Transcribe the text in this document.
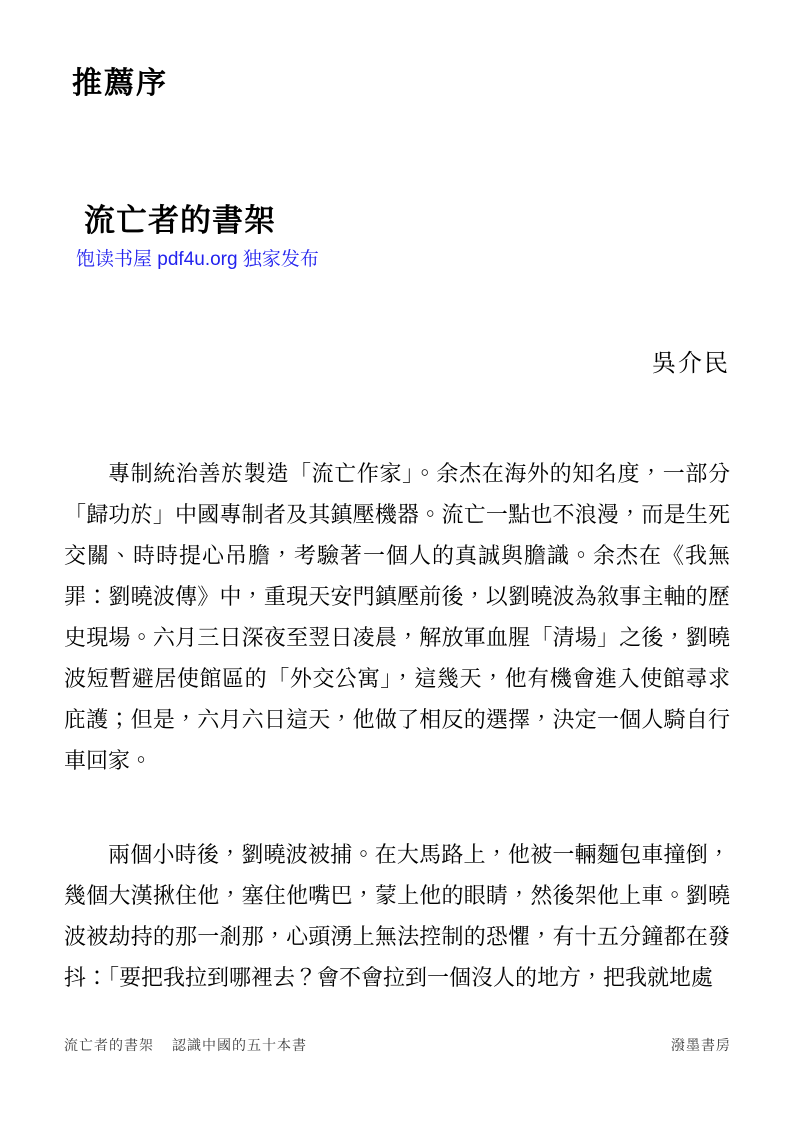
推薦序
流亡者的書架
饱读书屋 pdf4u.org 独家发布
吳介民
專制統治善於製造「流亡作家」。余杰在海外的知名度，一部分
「歸功於」中國專制者及其鎮壓機器。流亡一點也不浪漫，而是生死
交關、時時提心吊膽，考驗著一個人的真誠與膽識。余杰在《我無
罪：劉曉波傳》中，重現天安門鎮壓前後，以劉曉波為敘事主軸的歷
史現場。六月三日深夜至翌日凌晨，解放軍血腥「清場」之後，劉曉
波短暫避居使館區的「外交公寓」，這幾天，他有機會進入使館尋求
庇護；但是，六月六日這天，他做了相反的選擇，決定一個人騎自行
車回家。
兩個小時後，劉曉波被捕。在大馬路上，他被一輛麵包車撞倒，
幾個大漢揪住他，塞住他嘴巴，蒙上他的眼睛，然後架他上車。劉曉
波被劫持的那一剎那，心頭湧上無法控制的恐懼，有十五分鐘都在發
抖：「要把我拉到哪裡去？會不會拉到一個沒人的地方，把我就地處
流亡者的書架 認識中國的五十本書	潑墨書房
